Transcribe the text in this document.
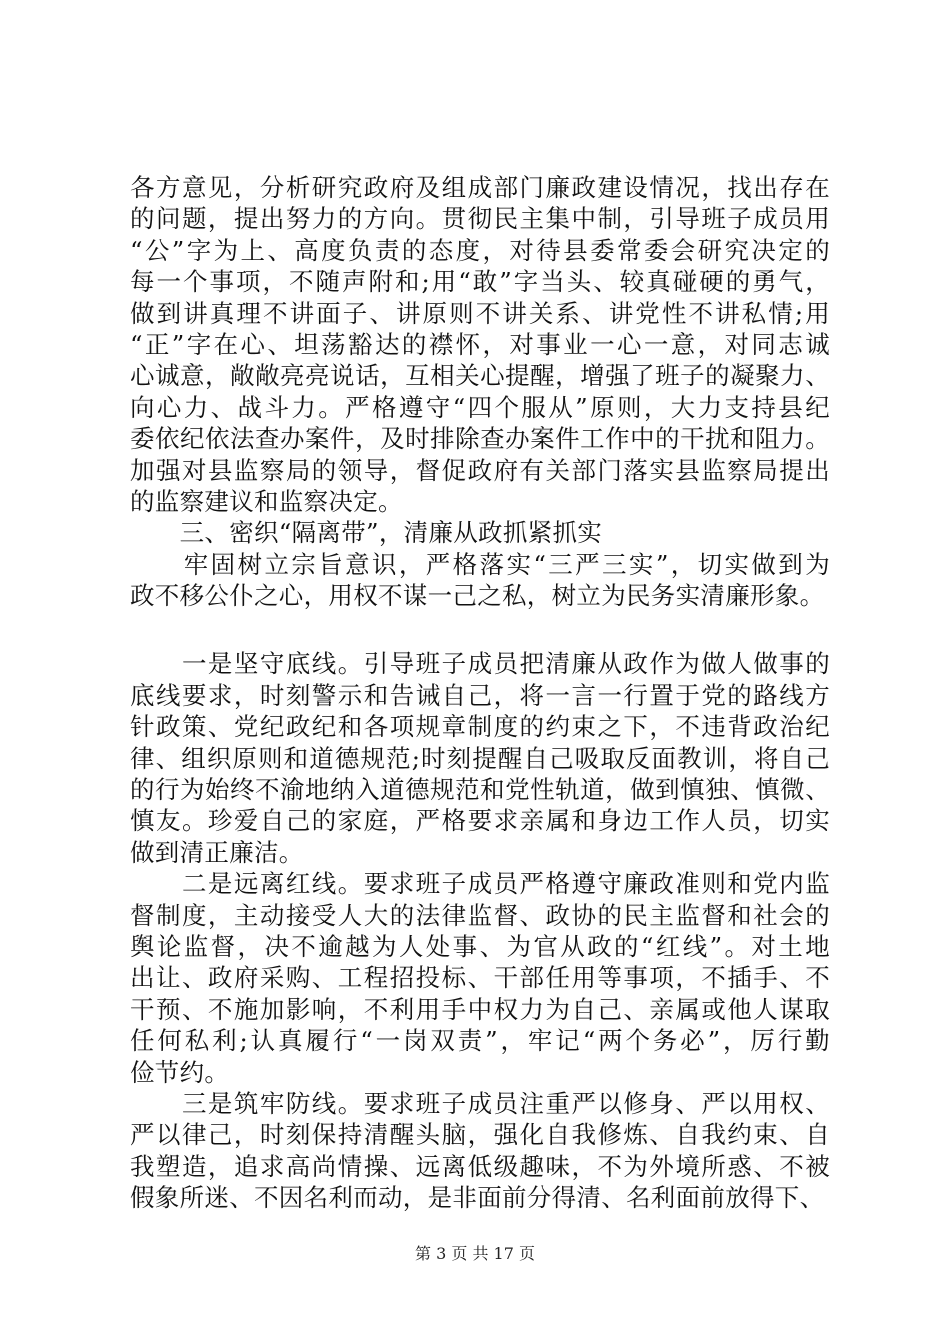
各方意见，分析研究政府及组成部门廉政建设情况，找出存在
的问题，提出努力的方向。贯彻民主集中制，引导班子成员用
“公”字为上、高度负责的态度，对待县委常委会研究决定的
每一个事项，不随声附和;用“敢”字当头、较真碰硬的勇气，
做到讲真理不讲面子、讲原则不讲关系、讲党性不讲私情;用
“正”字在心、坦荡豁达的襟怀，对事业一心一意，对同志诚
心诚意，敞敞亮亮说话，互相关心提醒，增强了班子的凝聚力、
向心力、战斗力。严格遵守“四个服从”原则，大力支持县纪
委依纪依法查办案件，及时排除查办案件工作中的干扰和阻力。
加强对县监察局的领导，督促政府有关部门落实县监察局提出
的监察建议和监察决定。
　　三、密织“隔离带”，清廉从政抓紧抓实
　　牢固树立宗旨意识，严格落实“三严三实”，切实做到为
政不移公仆之心，用权不谋一己之私，树立为民务实清廉形象。
　　一是坚守底线。引导班子成员把清廉从政作为做人做事的
底线要求，时刻警示和告诫自己，将一言一行置于党的路线方
针政策、党纪政纪和各项规章制度的约束之下，不违背政治纪
律、组织原则和道德规范;时刻提醒自己吸取反面教训，将自己
的行为始终不渝地纳入道德规范和党性轨道，做到慎独、慎微、
慎友。珍爱自己的家庭，严格要求亲属和身边工作人员，切实
做到清正廉洁。
　　二是远离红线。要求班子成员严格遵守廉政准则和党内监
督制度，主动接受人大的法律监督、政协的民主监督和社会的
舆论监督，决不逾越为人处事、为官从政的“红线”。对土地
出让、政府采购、工程招投标、干部任用等事项，不插手、不
干预、不施加影响，不利用手中权力为自己、亲属或他人谋取
任何私利;认真履行“一岗双责”，牢记“两个务必”，厉行勤
俭节约。
　　三是筑牢防线。要求班子成员注重严以修身、严以用权、
严以律己，时刻保持清醒头脑，强化自我修炼、自我约束、自
我塑造，追求高尚情操、远离低级趣味，不为外境所惑、不被
假象所迷、不因名利而动，是非面前分得清、名利面前放得下、
第 3 页 共 17 页
